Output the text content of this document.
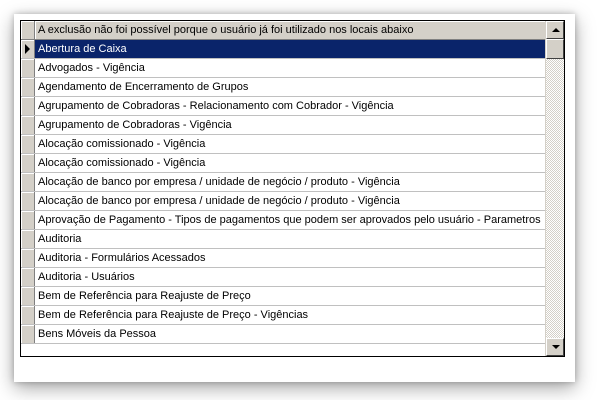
A exclusão não foi possível porque o usuário já foi utilizado nos locais abaixo
Abertura de Caixa
Advogados - Vigência
Agendamento de Encerramento de Grupos
Agrupamento de Cobradoras - Relacionamento com Cobrador - Vigência
Agrupamento de Cobradoras - Vigência
Alocação comissionado - Vigência
Alocação comissionado - Vigência
Alocação de banco por empresa / unidade de negócio / produto - Vigência
Alocação de banco por empresa / unidade de negócio / produto - Vigência
Aprovação de Pagamento - Tipos de pagamentos que podem ser aprovados pelo usuário - Parametros
Auditoria
Auditoria - Formulários Acessados
Auditoria - Usuários
Bem de Referência para Reajuste de Preço
Bem de Referência para Reajuste de Preço - Vigências
Bens Móveis da Pessoa
